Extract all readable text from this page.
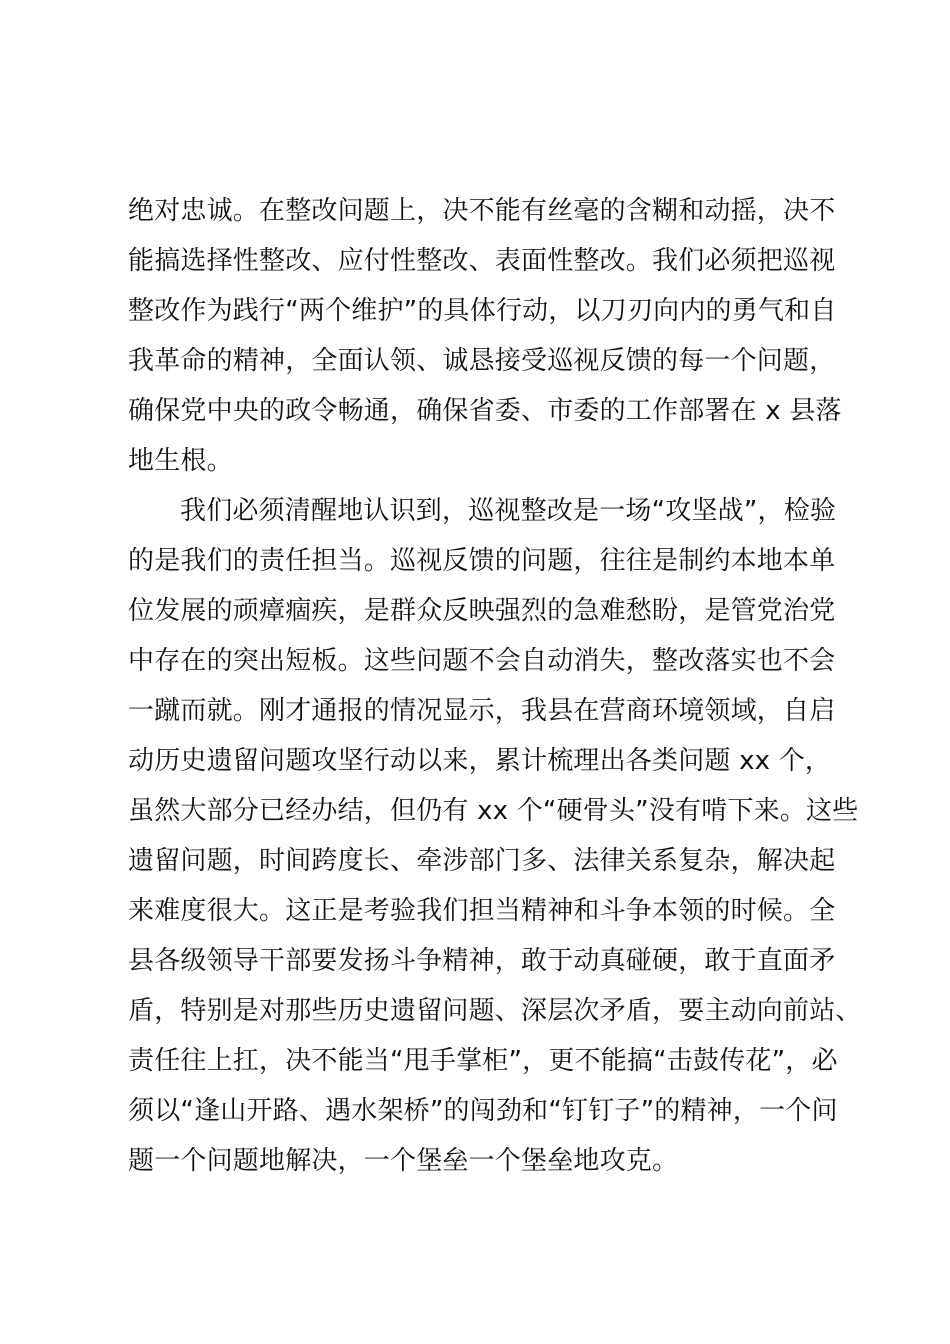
绝对忠诚。在整改问题上，决不能有丝毫的含糊和动摇，决不
能搞选择性整改、应付性整改、表面性整改。我们必须把巡视
整改作为践行“两个维护”的具体行动，以刀刃向内的勇气和自
我革命的精神，全面认领、诚恳接受巡视反馈的每一个问题，
确保党中央的政令畅通，确保省委、市委的工作部署在 x 县落
地生根。
我们必须清醒地认识到，巡视整改是一场“攻坚战”，检验
的是我们的责任担当。巡视反馈的问题，往往是制约本地本单
位发展的顽瘴痼疾，是群众反映强烈的急难愁盼，是管党治党
中存在的突出短板。这些问题不会自动消失，整改落实也不会
一蹴而就。刚才通报的情况显示，我县在营商环境领域，自启
动历史遗留问题攻坚行动以来，累计梳理出各类问题 xx 个，
虽然大部分已经办结，但仍有 xx 个“硬骨头”没有啃下来。这些
遗留问题，时间跨度长、牵涉部门多、法律关系复杂，解决起
来难度很大。这正是考验我们担当精神和斗争本领的时候。全
县各级领导干部要发扬斗争精神，敢于动真碰硬，敢于直面矛
盾，特别是对那些历史遗留问题、深层次矛盾，要主动向前站、
责任往上扛，决不能当“甩手掌柜”，更不能搞“击鼓传花”，必
须以“逢山开路、遇水架桥”的闯劲和“钉钉子”的精神，一个问
题一个问题地解决，一个堡垒一个堡垒地攻克。
